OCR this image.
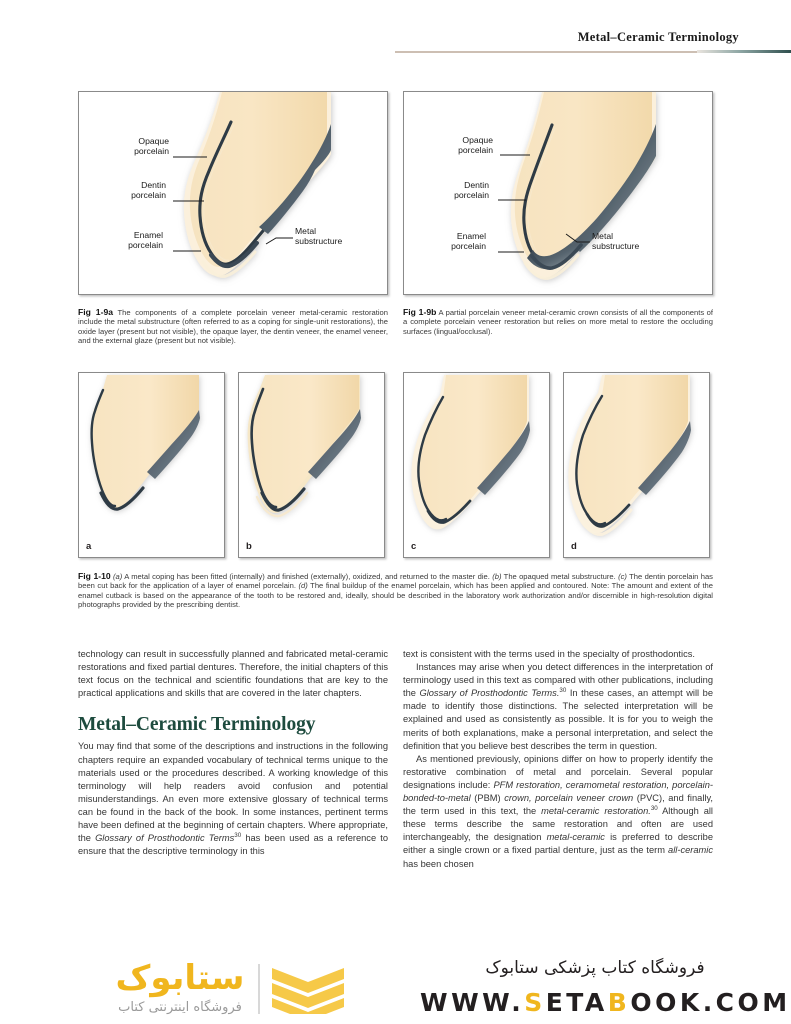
Metal–Ceramic Terminology
Opaque
porcelain
Dentin
porcelain
Enamel
porcelain
Metal
substructure
Opaque
porcelain
Dentin
porcelain
Enamel
porcelain
Metal
substructure
Fig 1-9a The components of a complete porcelain veneer metal-ceramic restoration include the metal substructure (often referred to as a coping for single-unit restorations), the oxide layer (present but not visible), the opaque layer, the dentin veneer, the enamel veneer, and the external glaze (present but not visible).
Fig 1-9b A partial porcelain veneer metal-ceramic crown consists of all the components of a complete porcelain veneer restoration but relies on more metal to restore the occluding surfaces (lingual/occlusal).
a	b	c	d
Fig 1-10 (a) A metal coping has been fitted (internally) and finished (externally), oxidized, and returned to the master die. (b) The opaqued metal substructure. (c) The dentin porcelain has been cut back for the application of a layer of enamel porcelain. (d) The final buildup of the enamel porcelain, which has been applied and contoured. Note: The amount and extent of the enamel cutback is based on the appearance of the tooth to be restored and, ideally, should be described in the laboratory work authorization and/or discernible in high-resolution digital photographs provided by the prescribing dentist.

technology can result in successfully planned and fabricated metal-ceramic restorations and fixed partial dentures. Therefore, the initial chapters of this text focus on the technical and scientific foundations that are key to the practical applications and skills that are covered in the later chapters.

Metal–Ceramic Terminology

You may find that some of the descriptions and instructions in the following chapters require an expanded vocabulary of technical terms unique to the materials used or the procedures described. A working knowledge of this terminology will help readers avoid confusion and potential misunderstandings. An even more extensive glossary of technical terms can be found in the back of the book. In some instances, pertinent terms have been defined at the beginning of certain chapters. Where appropriate, the Glossary of Prosthodontic Terms$^{30}$ has been used as a reference to ensure that the descriptive terminology in this

text is consistent with the terms used in the specialty of prosthodontics.

Instances may arise when you detect differences in the interpretation of terminology used in this text as compared with other publications, including the Glossary of Prosthodontic Terms.$^{30}$ In these cases, an attempt will be made to identify those distinctions. The selected interpretation will be explained and used as consistently as possible. It is for you to weigh the merits of both explanations, make a personal interpretation, and select the definition that you believe best describes the term in question.

As mentioned previously, opinions differ on how to properly identify the restorative combination of metal and porcelain. Several popular designations include: PFM restoration, ceramometal restoration, porcelain-bonded-to-metal (PBM) crown, porcelain veneer crown (PVC), and finally, the term used in this text, the metal-ceramic restoration.$^{30}$ Although all these terms describe the same restoration and often are used interchangeably, the designation metal-ceramic is preferred to describe either a single crown or a fixed partial denture, just as the term all-ceramic has been chosen

ستابوک
فروشگاه اینترنتی کتاب
فروشگاه کتاب پزشکی ستابوک
WWW.SETABOOK.COM
